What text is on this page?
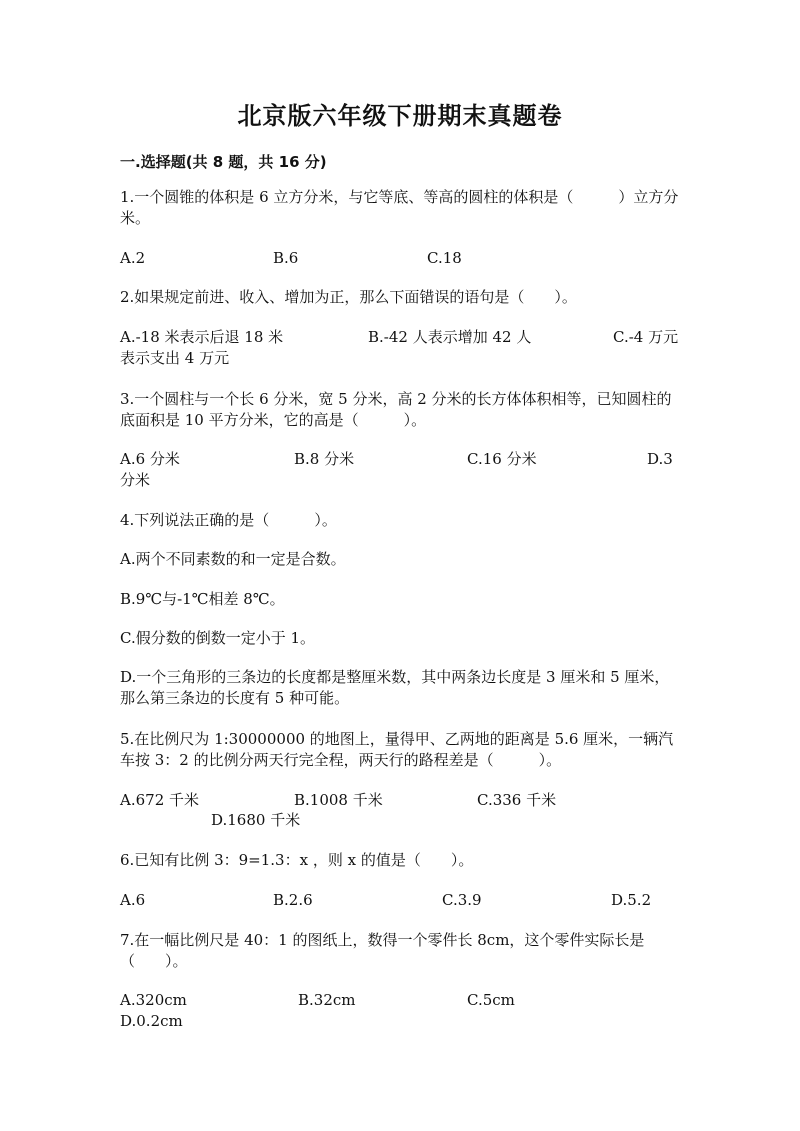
北京版六年级下册期末真题卷
一.选择题(共 8 题，共 16 分)
1.一个圆锥的体积是 6 立方分米，与它等底、等高的圆柱的体积是（　　　）立方分米。
A.2	B.6	C.18
2.如果规定前进、收入、增加为正，那么下面错误的语句是（　　）。
A.-18 米表示后退 18 米	B.-42 人表示增加 42 人	C.-4 万元表示支出 4 万元
3.一个圆柱与一个长 6 分米，宽 5 分米，高 2 分米的长方体体积相等，已知圆柱的底面积是 10 平方分米，它的高是（　　　）。
A.6 分米	B.8 分米	C.16 分米	D.3 分米
4.下列说法正确的是（　　　）。
A.两个不同素数的和一定是合数。
B.9℃与-1℃相差 8℃。
C.假分数的倒数一定小于 1。
D.一个三角形的三条边的长度都是整厘米数，其中两条边长度是 3 厘米和 5 厘米，那么第三条边的长度有 5 种可能。
5.在比例尺为 1:30000000 的地图上，量得甲、乙两地的距离是 5.6 厘米，一辆汽车按 3：2 的比例分两天行完全程，两天行的路程差是（　　　）。
A.672 千米	B.1008 千米	C.336 千米
D.1680 千米
6.已知有比例 3：9=1.3：x ，则 x 的值是（　　）。
A.6	B.2.6	C.3.9	D.5.2
7.在一幅比例尺是 40：1 的图纸上，数得一个零件长 8cm，这个零件实际长是（　　）。
A.320cm	B.32cm	C.5cmD.0.2cm
